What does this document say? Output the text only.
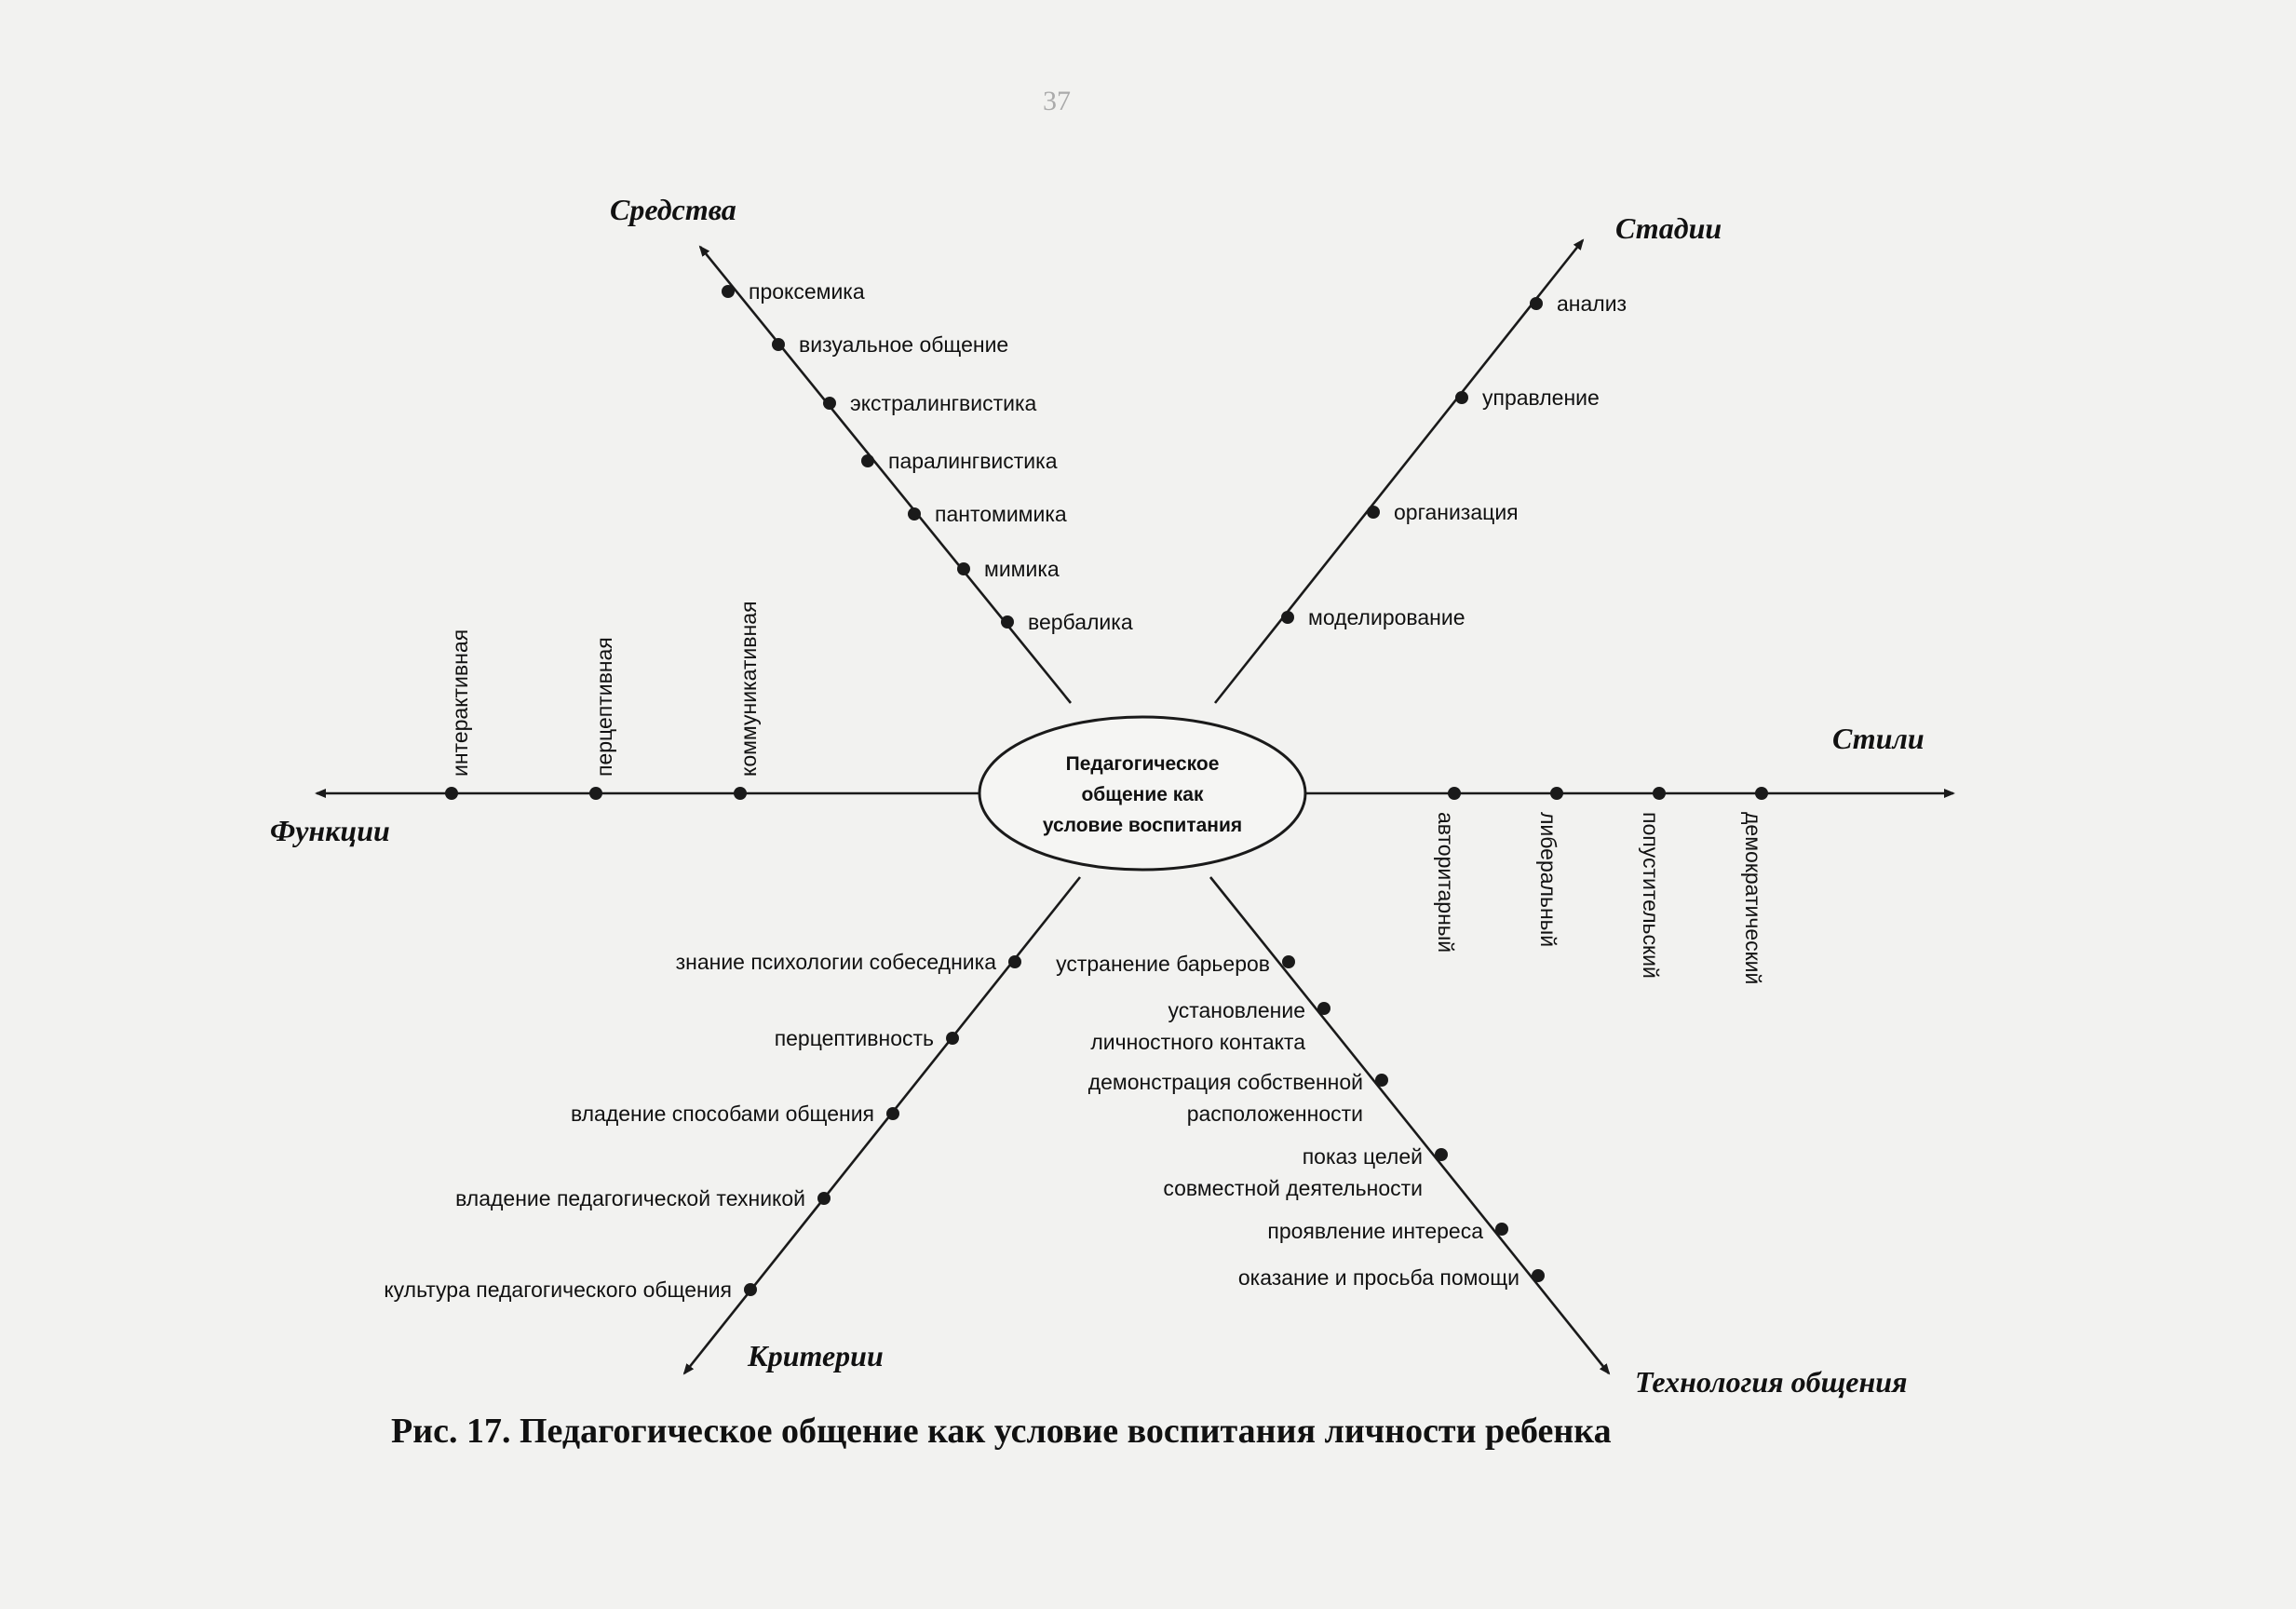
37
проксемика
визуальное общение
экстралингвистика
паралингвистика
пантомимика
мимика
вербалика
Средства
анализ
управление
организация
моделирование
Стадии
интерактивная	перцептивная	коммуникативная
Функции	авторитарный	либеральный	попустительский	демократический
Стили
знание психологии собеседника
перцептивность
владение способами общения
владение педагогической техникой
культура педагогического общения
Критерии
устранение барьеров
установление личностного контакта
демонстрация собственной расположенности
показ целей совместной деятельности
проявление интереса
оказание и просьба помощи
Технология общения
Педагогическое
общение как
условие воспитания
Рис. 17. Педагогическое общение как условие воспитания личности ребенка
